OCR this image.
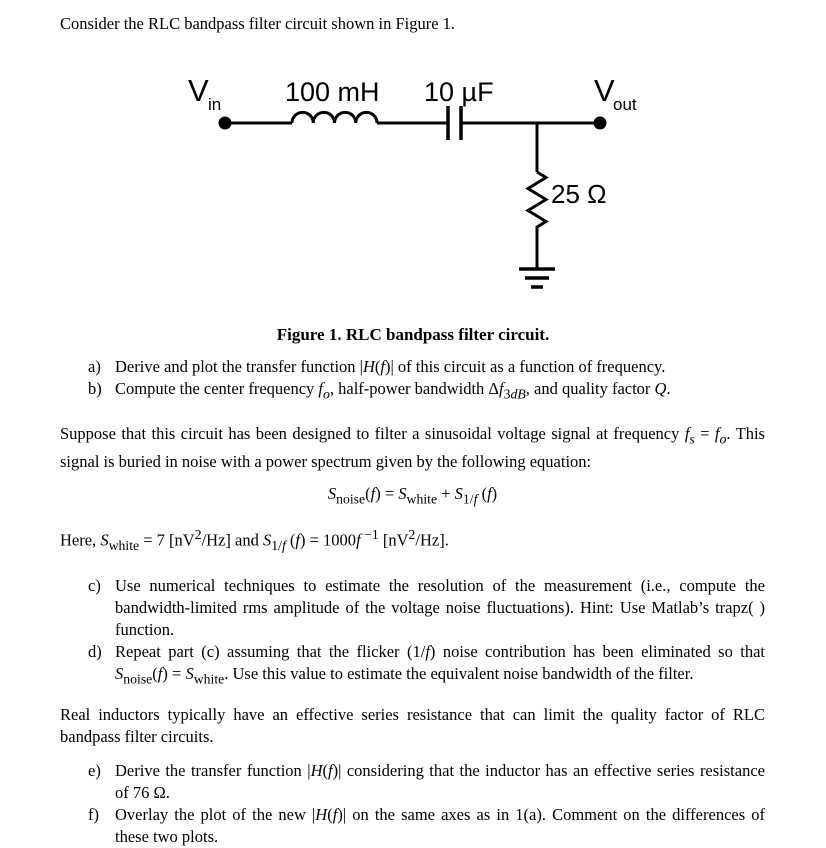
Consider the RLC bandpass filter circuit shown in Figure 1.

V in 100 mH 10 µF	V
out
25 Ω

Figure 1. RLC bandpass filter circuit.

a) Derive and plot the transfer function |H(f)| of this circuit as a function of frequency.
b) Compute the center frequency $f_o$, half-power bandwidth $\Delta f_{3dB}$, and quality factor Q.

Suppose that this circuit has been designed to filter a sinusoidal voltage signal at frequency $f_s = f_o$. This signal is buried in noise with a power spectrum given by the following equation:

$S_{noise}(f) = S_{white} + S_{1/f}$ (f)

Here, $S_{white} = 7$ $[nV^2/Hz]$ and $S_{1/f}$ (f) = 1000f $^{-1}$ $[nV^2/Hz]$.

c) Use numerical techniques to estimate the resolution of the measurement (i.e., compute the bandwidth-limited rms amplitude of the voltage noise fluctuations). Hint: Use Matlab’s trapz( ) function.
d) Repeat part (c) assuming that the flicker (1/f) noise contribution has been eliminated so that $S_{noise}(f) = S_{white}$. Use this value to estimate the equivalent noise bandwidth of the filter.

Real inductors typically have an effective series resistance that can limit the quality factor of RLC bandpass filter circuits.

e) Derive the transfer function |H(f)| considering that the inductor has an effective series resistance of 76 Ω.
f) Overlay the plot of the new |H(f)| on the same axes as in 1(a). Comment on the differences of these two plots.
